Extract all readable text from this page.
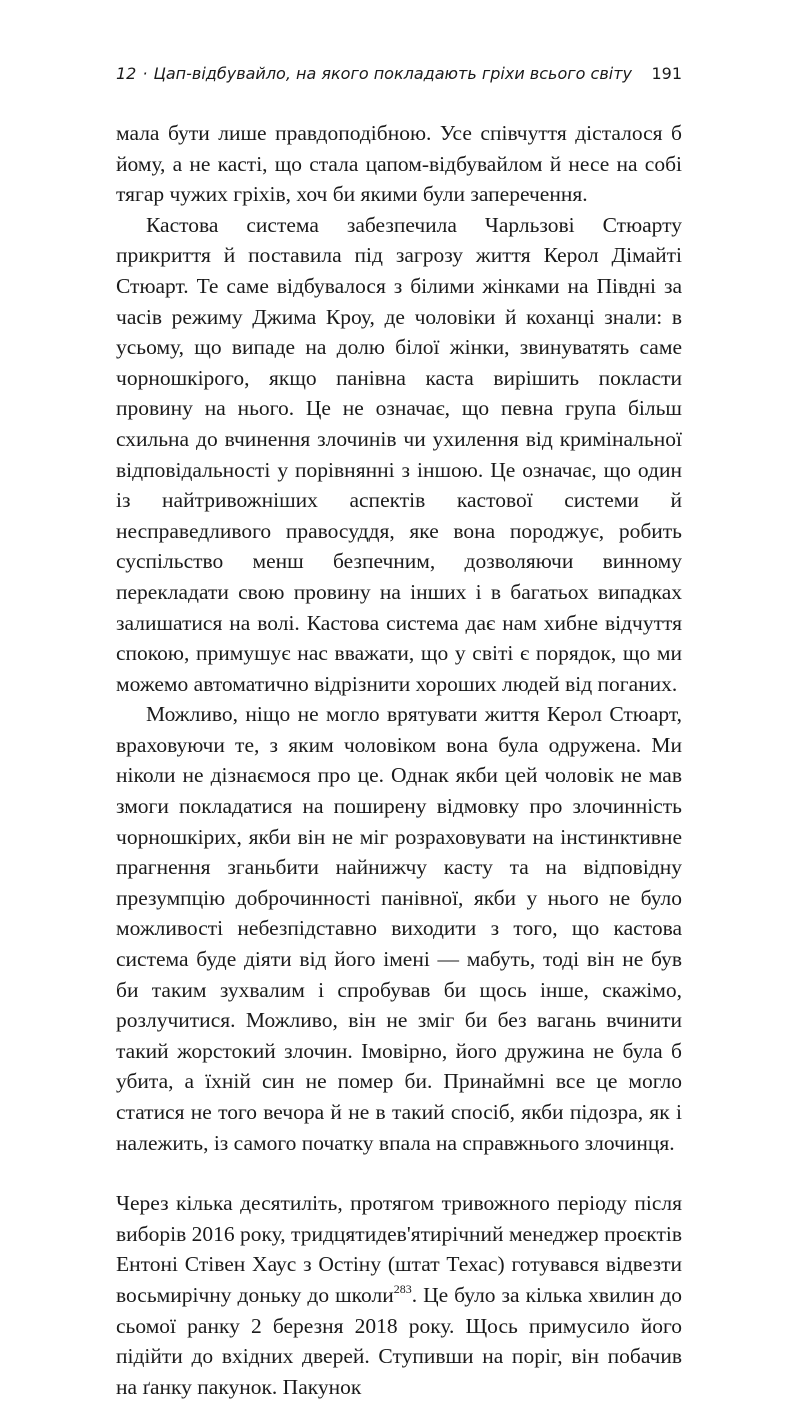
12 · Цап-відбувайло, на якого покладають гріхи всього світу 191

мала бути лише правдоподібною. Усе співчуття дісталося б йому, а не касті, що стала цапом-відбувайлом й несе на собі тягар чужих гріхів, хоч би якими були заперечення.

Кастова система забезпечила Чарльзові Стюарту прикриття й поставила під загрозу життя Керол Дімайті Стюарт. Те саме відбувалося з білими жінками на Півдні за часів режиму Джима Кроу, де чоловіки й коханці знали: в усьому, що випаде на долю білої жінки, звинуватять саме чорношкірого, якщо панівна каста вирішить покласти провину на нього. Це не означає, що певна група більш схильна до вчинення злочинів чи ухилення від кримінальної відповідальності у порівнянні з іншою. Це означає, що один із найтривожніших аспектів кастової системи й несправедливого правосуддя, яке вона породжує, робить суспільство менш безпечним, дозволяючи винному перекладати свою провину на інших і в багатьох випадках залишатися на волі. Кастова система дає нам хибне відчуття спокою, примушує нас вважати, що у світі є порядок, що ми можемо автоматично відрізнити хороших людей від поганих.

Можливо, ніщо не могло врятувати життя Керол Стюарт, враховуючи те, з яким чоловіком вона була одружена. Ми ніколи не дізнаємося про це. Однак якби цей чоловік не мав змоги покладатися на поширену відмовку про злочинність чорношкірих, якби він не міг розраховувати на інстинктивне прагнення зганьбити найнижчу касту та на відповідну презумпцію доброчинності панівної, якби у нього не було можливості небезпідставно виходити з того, що кастова система буде діяти від його імені — мабуть, тоді він не був би таким зухвалим і спробував би щось інше, скажімо, розлучитися. Можливо, він не зміг би без вагань вчинити такий жорстокий злочин. Імовірно, його дружина не була б убита, а їхній син не помер би. Принаймні все це могло статися не того вечора й не в такий спосіб, якби підозра, як і належить, із самого початку впала на справжнього злочинця.

Через кілька десятиліть, протягом тривожного періоду після виборів 2016 року, тридцятидев'ятирічний менеджер проєктів Ентоні Стівен Хаус з Остіну (штат Техас) готувався відвезти восьмирічну доньку до школи$^{283}$. Це було за кілька хвилин до сьомої ранку 2 березня 2018 року. Щось примусило його підійти до вхідних дверей. Ступивши на поріг, він побачив на ґанку пакунок. Пакунок
